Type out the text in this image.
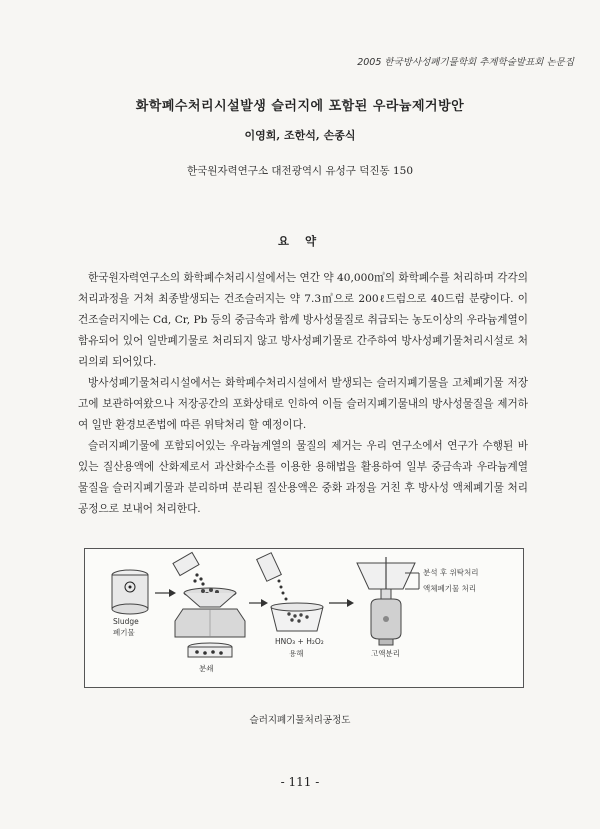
2005 한국방사성폐기물학회 추계학술발표회 논문집
화학폐수처리시설발생 슬러지에 포함된 우라늄제거방안
이영희, 조한석, 손종식
한국원자력연구소 대전광역시 유성구 덕진동 150
요 약

한국원자력연구소의 화학폐수처리시설에서는 연간 약 40,000㎥의 화학폐수를 처리하며 각각의 처리과정을 거쳐 최종발생되는 건조슬러지는 약 7.3㎥으로 200ℓ드럼으로 40드럼 분량이다. 이 건조슬러지에는 Cd, Cr, Pb 등의 중금속과 함께 방사성물질로 취급되는 농도이상의 우라늄계열이 함유되어 있어 일반폐기물로 처리되지 않고 방사성폐기물로 간주하여 방사성폐기물처리시설로 처리의뢰 되어있다.

방사성폐기물처리시설에서는 화학폐수처리시설에서 발생되는 슬러지폐기물을 고체폐기물 저장고에 보관하여왔으나 저장공간의 포화상태로 인하여 이들 슬러지폐기물내의 방사성물질을 제거하여 일반 환경보존법에 따른 위탁처리 할 예정이다.

슬러지폐기물에 포함되어있는 우라늄계열의 물질의 제거는 우리 연구소에서 연구가 수행된 바 있는 질산용액에 산화제로서 과산화수소를 이용한 용해법을 활용하여 일부 중금속과 우라늄계열 물질을 슬러지폐기물과 분리하며 분리된 질산용액은 중화 과정을 거친 후 방사성 액체폐기물 처리공정으로 보내어 처리한다.

Sludge
폐기물
분쇄
HNO₃ + H₂O₂
용해	고액분리
분석 후 위탁처리
액체폐기물 처리
슬러지폐기물처리공정도
- 111 -
